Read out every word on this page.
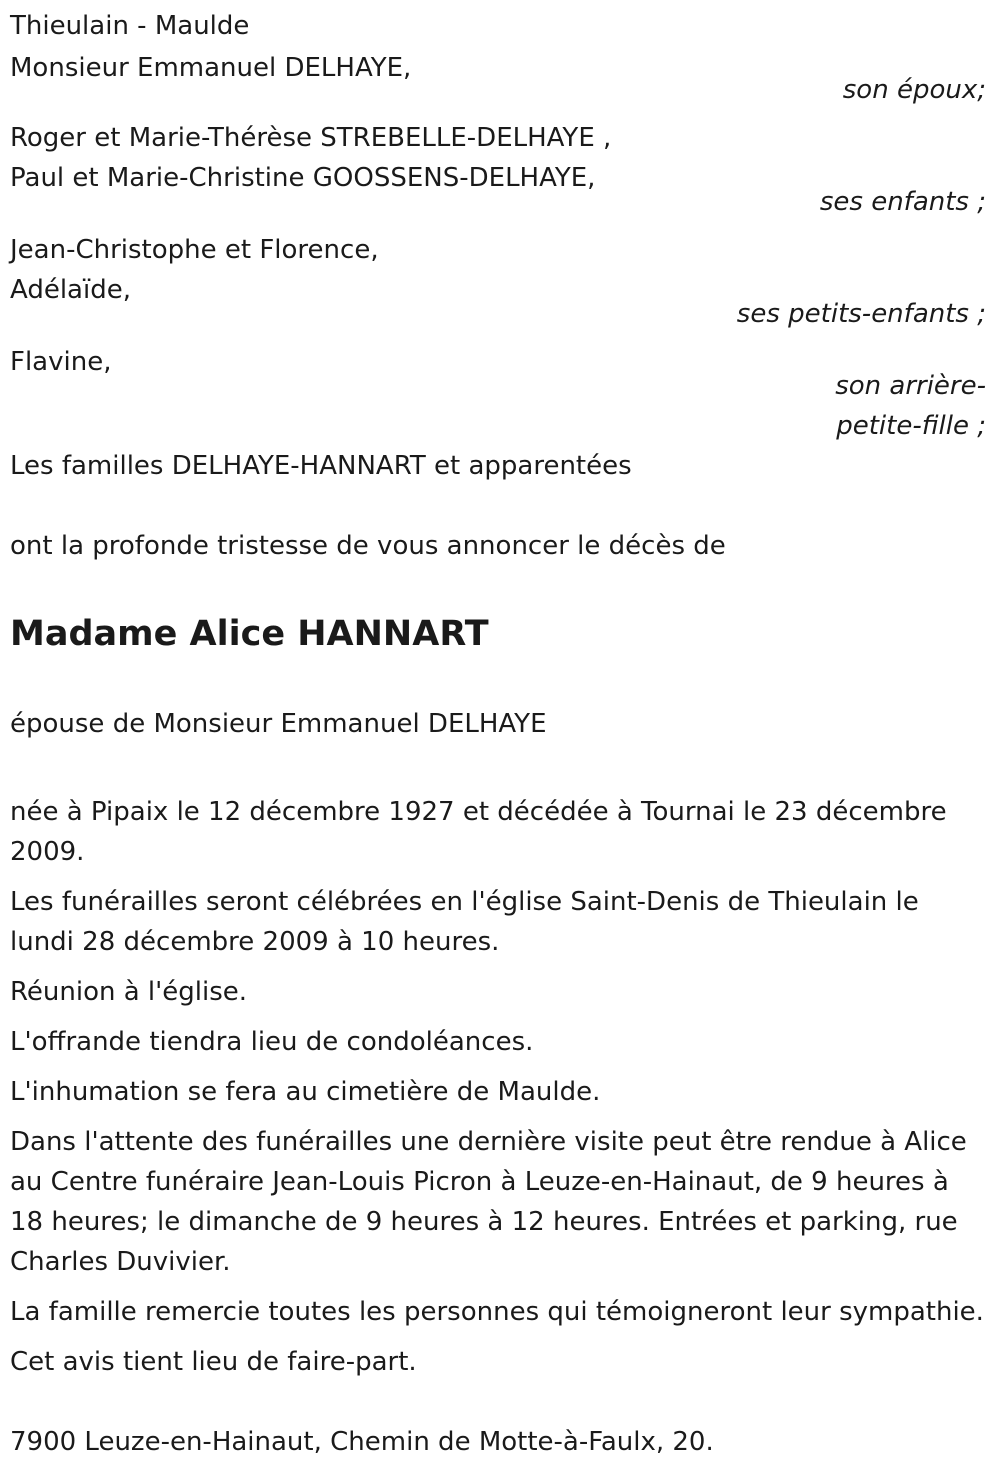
Thieulain - Maulde
Monsieur Emmanuel DELHAYE,
son époux;
Roger et Marie-Thérèse STREBELLE-DELHAYE ,
Paul et Marie-Christine GOOSSENS-DELHAYE,
ses enfants ;
Jean-Christophe et Florence,
Adélaïde,
ses petits-enfants ;
Flavine,
son arrière-
petite-fille ;
Les familles DELHAYE-HANNART et apparentées
ont la profonde tristesse de vous annoncer le décès de
Madame Alice HANNART
épouse de Monsieur Emmanuel DELHAYE
née à Pipaix le 12 décembre 1927 et décédée à Tournai le 23 décembre 2009.
Les funérailles seront célébrées en l'église Saint-Denis de Thieulain le lundi 28 décembre 2009 à 10 heures.
Réunion à l'église.
L'offrande tiendra lieu de condoléances.
L'inhumation se fera au cimetière de Maulde.
Dans l'attente des funérailles une dernière visite peut être rendue à Alice au Centre funéraire Jean-Louis Picron à Leuze-en-Hainaut, de 9 heures à 18 heures; le dimanche de 9 heures à 12 heures. Entrées et parking, rue Charles Duvivier.
La famille remercie toutes les personnes qui témoigneront leur sympathie.
Cet avis tient lieu de faire-part.
7900 Leuze-en-Hainaut, Chemin de Motte-à-Faulx, 20.
